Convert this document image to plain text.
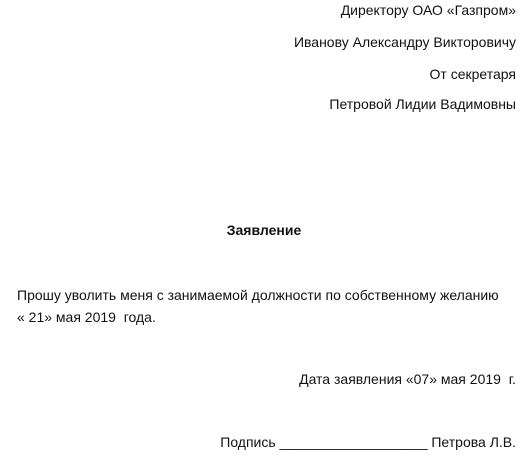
Директору ОАО «Газпром»
Иванову Александру Викторовичу
От секретаря
Петровой Лидии Вадимовны
Заявление
Прошу уволить меня с занимаемой должности по собственному желанию
« 21» мая 2019  года.
Дата заявления «07» мая 2019  г.
Подпись ___________________ Петрова Л.В.
